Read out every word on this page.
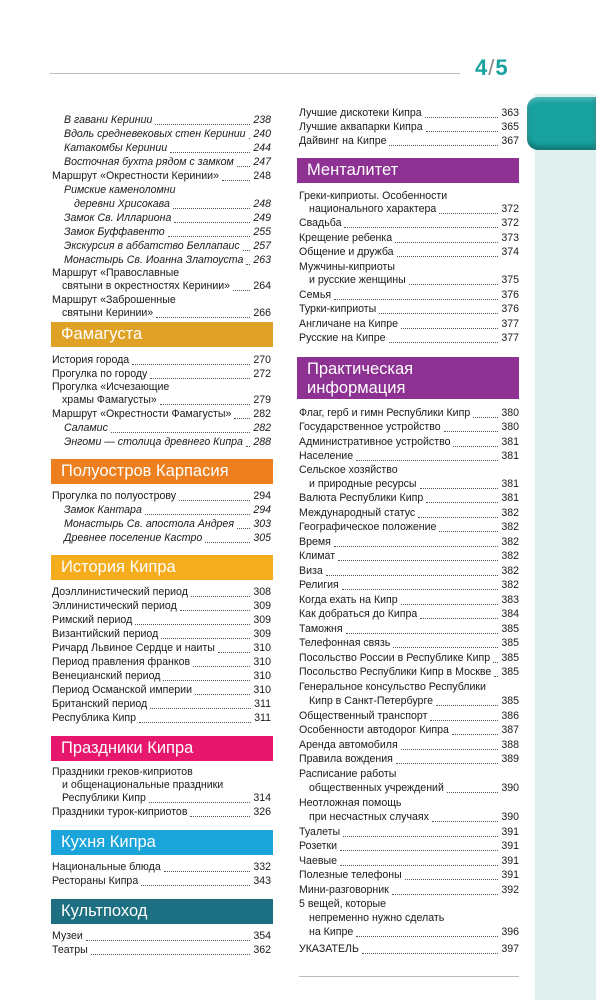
4/5
В гавани Керинии	238
Вдоль средневековых стен Керинии 240
Катакомбы Керинии	244
Восточная бухта рядом с замком 247
Маршрут «Окрестности Керинии»	248
Римские каменоломни
деревни Хрисокава	248
Замок Св. Иллариона	249
Замок Буффавенто	255
Экскурсия в аббатство Беллапаис 257
Монастырь Св. Иоанна Златоуста 263
Маршрут «Православные
святыни в окрестностях Керинии» 264
Маршрут «Заброшенные
святыни Керинии»	266
Фамагуста
История города	270
Прогулка по городу	272
Прогулка «Исчезающие
храмы Фамагусты»	279
Маршрут «Окрестности Фамагусты» 282
Саламис	282
Энгоми — столица древнего Кипра 288
Полуостров Карпасия
Прогулка по полуострову	294
Замок Кантара	294
Монастырь Св. апостола Андрея 303
Древнее поселение Кастро	305
История Кипра
Доэллинистический период	308
Эллинистический период	309
Римский период	309
Византийский период	309
Ричард Львиное Сердце и наиты	310
Период правления франков	310
Венецианский период	310
Период Османской империи	310
Британский период	311
Республика Кипр	311
Праздники Кипра
Праздники греков-киприотов
и общенациональные праздники
Республики Кипр	314
Праздники турок-киприотов	326
Кухня Кипра
Национальные блюда	332
Рестораны Кипра	343
Культпоход
Музеи	354
Театры	362
Лучшие дискотеки Кипра	363
Лучшие аквапарки Кипра	365
Дайвинг на Кипре	367
Менталитет
Греки-киприоты. Особенности
национального характера	372
Свадьба	372
Крещение ребенка	373
Общение и дружба	374
Мужчины-киприоты
и русские женщины	375
Семья	376
Турки-киприоты	376
Англичане на Кипре	377
Русские на Кипре	377
Практическая
информация
Флаг, герб и гимн Республики Кипр	380
Государственное устройство	380
Административное устройство	381
Население	381
Сельское хозяйство
и природные ресурсы	381
Валюта Республики Кипр	381
Международный статус	382
Географическое положение	382
Время	382
Климат	382
Виза	382
Религия	382
Когда ехать на Кипр	383
Как добраться до Кипра	384
Таможня	385
Телефонная связь	385
Посольство России в Республике Кипр 385
Посольство Республики Кипр в Москве 385
Генеральное консульство Республики
Кипр в Санкт-Петербурге	385
Общественный транспорт	386
Особенности автодорог Кипра	387
Аренда автомобиля	388
Правила вождения	389
Расписание работы
общественных учреждений	390
Неотложная помощь
при несчастных случаях	390
Туалеты	391
Розетки	391
Чаевые	391
Полезные телефоны	391
Мини-разговорник	392
5 вещей, которые
непременно нужно сделать
на Кипре	396
УКАЗАТЕЛЬ	397
